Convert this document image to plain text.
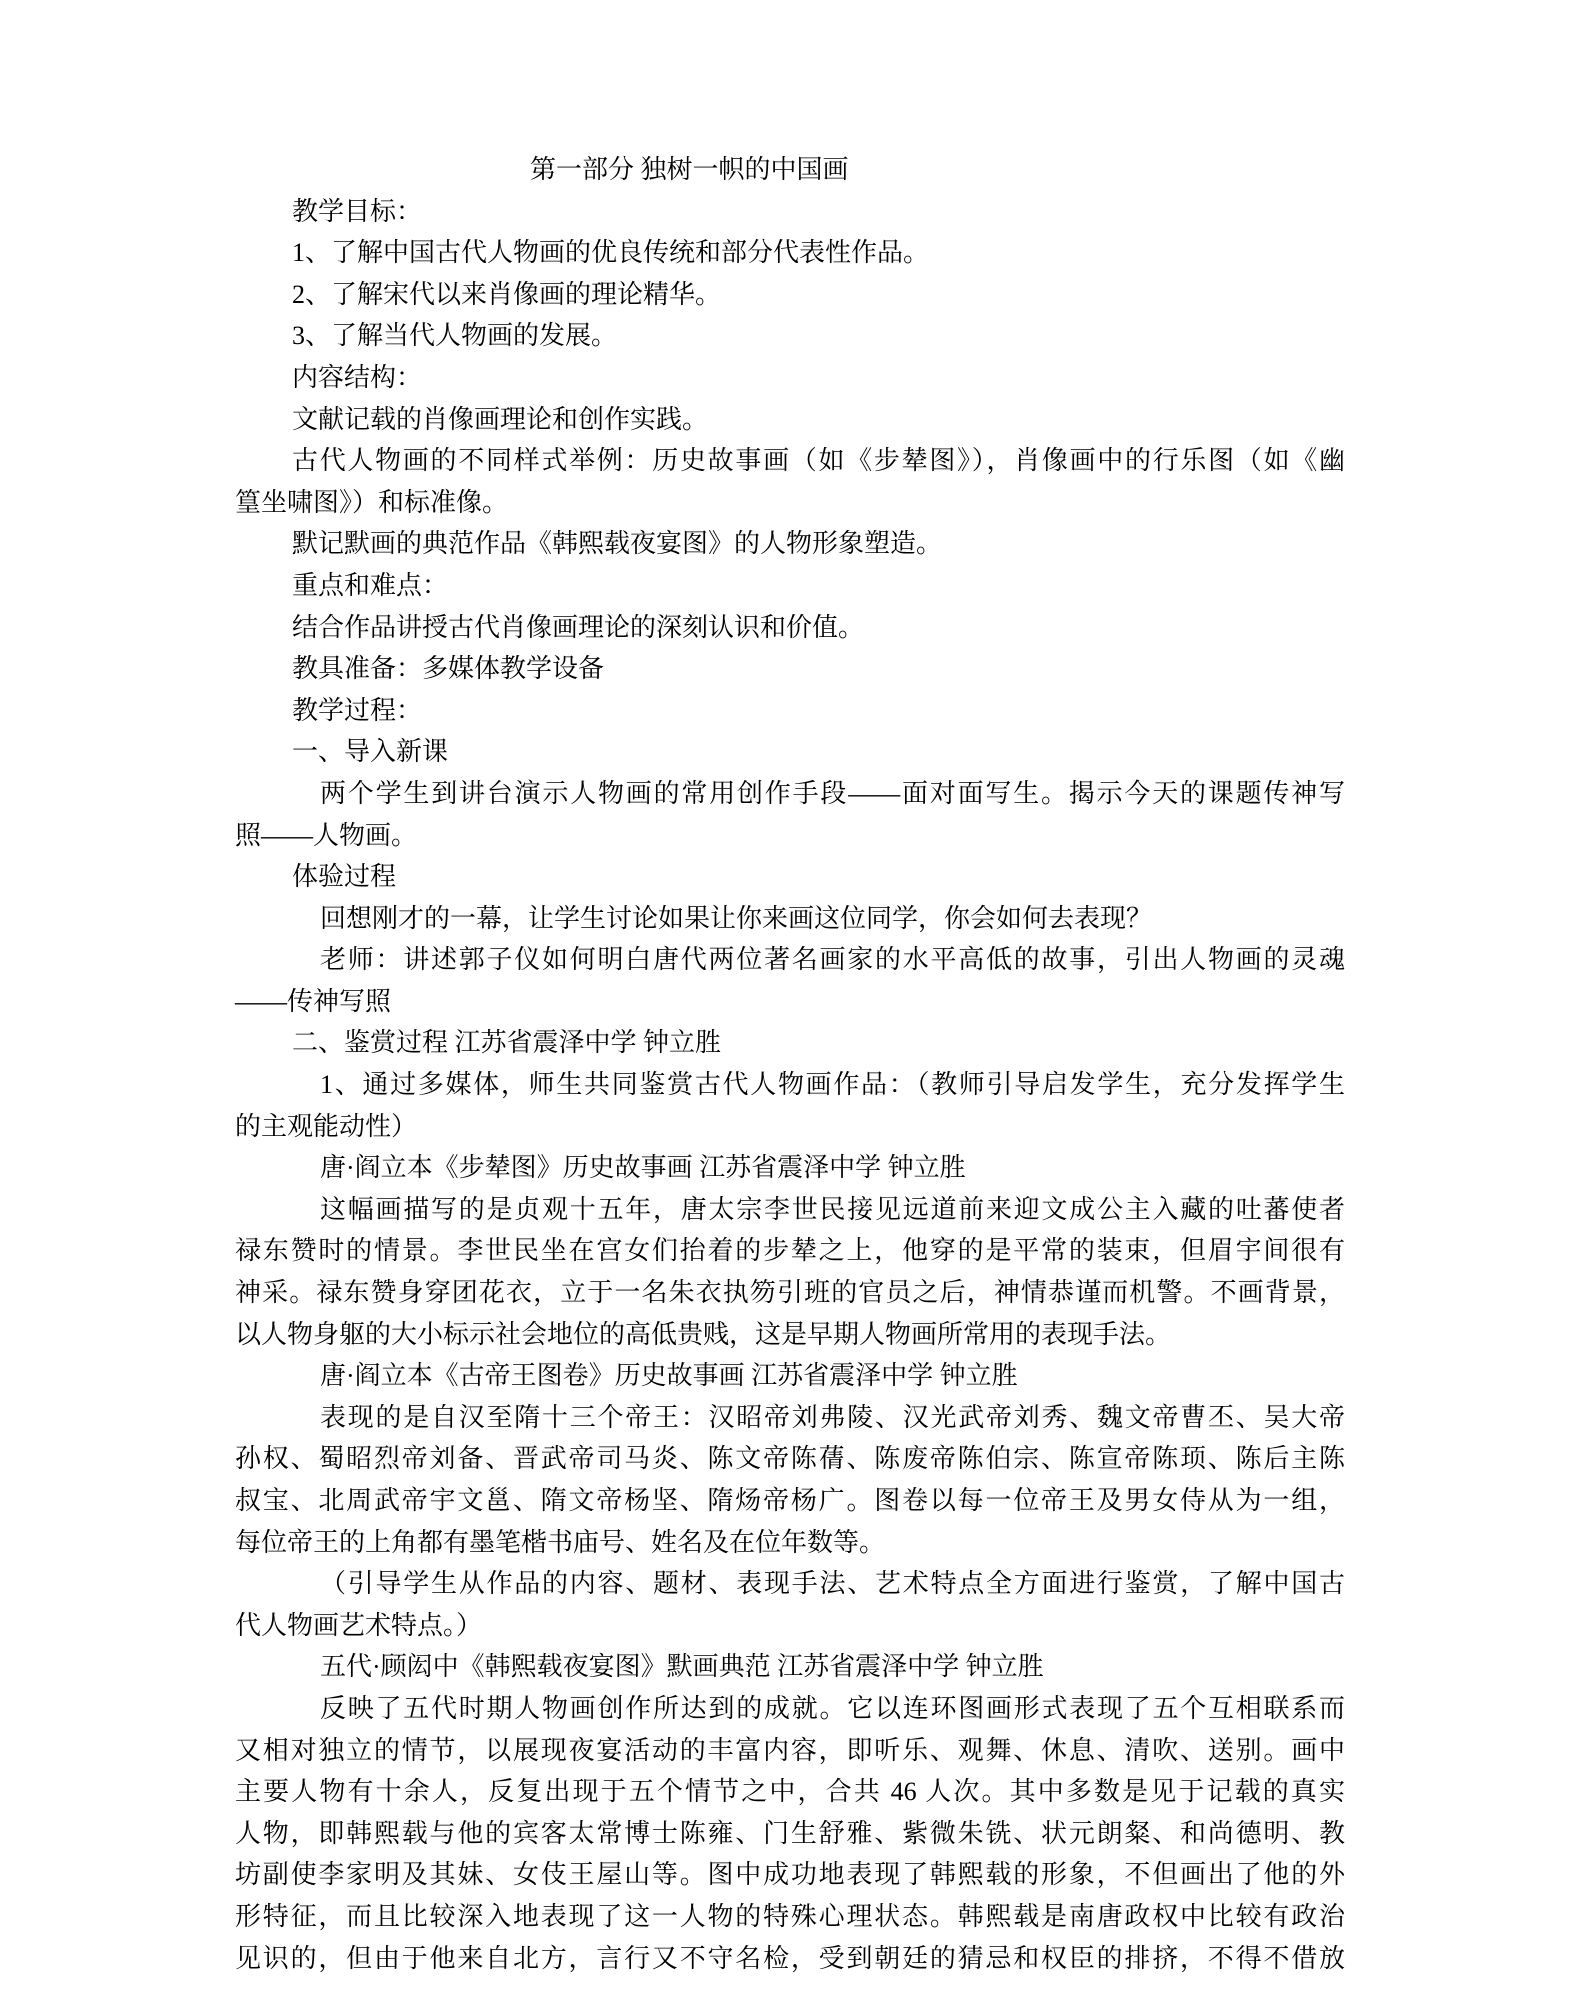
第一部分 独树一帜的中国画
教学目标：
1、了解中国古代人物画的优良传统和部分代表性作品。
2、了解宋代以来肖像画的理论精华。
3、了解当代人物画的发展。
内容结构：
文献记载的肖像画理论和创作实践。
古代人物画的不同样式举例：历史故事画（如《步辇图》），肖像画中的行乐图（如《幽
篁坐啸图》）和标准像。
默记默画的典范作品《韩熙载夜宴图》的人物形象塑造。
重点和难点：
结合作品讲授古代肖像画理论的深刻认识和价值。
教具准备：多媒体教学设备
教学过程：
一、导入新课
两个学生到讲台演示人物画的常用创作手段——面对面写生。揭示今天的课题传神写
照——人物画。
体验过程
回想刚才的一幕，让学生讨论如果让你来画这位同学，你会如何去表现？
老师：讲述郭子仪如何明白唐代两位著名画家的水平高低的故事，引出人物画的灵魂
——传神写照
二、鉴赏过程 江苏省震泽中学 钟立胜
1、通过多媒体，师生共同鉴赏古代人物画作品：（教师引导启发学生，充分发挥学生
的主观能动性）
唐·阎立本《步辇图》历史故事画 江苏省震泽中学 钟立胜
这幅画描写的是贞观十五年，唐太宗李世民接见远道前来迎文成公主入藏的吐蕃使者
禄东赞时的情景。李世民坐在宫女们抬着的步辇之上，他穿的是平常的装束，但眉宇间很有
神采。禄东赞身穿团花衣，立于一名朱衣执笏引班的官员之后，神情恭谨而机警。不画背景，
以人物身躯的大小标示社会地位的高低贵贱，这是早期人物画所常用的表现手法。
唐·阎立本《古帝王图卷》历史故事画 江苏省震泽中学 钟立胜
表现的是自汉至隋十三个帝王：汉昭帝刘弗陵、汉光武帝刘秀、魏文帝曹丕、吴大帝
孙权、蜀昭烈帝刘备、晋武帝司马炎、陈文帝陈蒨、陈废帝陈伯宗、陈宣帝陈顼、陈后主陈
叔宝、北周武帝宇文邕、隋文帝杨坚、隋炀帝杨广。图卷以每一位帝王及男女侍从为一组，
每位帝王的上角都有墨笔楷书庙号、姓名及在位年数等。
（引导学生从作品的内容、题材、表现手法、艺术特点全方面进行鉴赏，了解中国古
代人物画艺术特点。）
五代·顾闳中《韩熙载夜宴图》默画典范 江苏省震泽中学 钟立胜
反映了五代时期人物画创作所达到的成就。它以连环图画形式表现了五个互相联系而
又相对独立的情节，以展现夜宴活动的丰富内容，即听乐、观舞、休息、清吹、送别。画中
主要人物有十余人，反复出现于五个情节之中，合共 46 人次。其中多数是见于记载的真实
人物，即韩熙载与他的宾客太常博士陈雍、门生舒雅、紫微朱铣、状元朗粲、和尚德明、教
坊副使李家明及其妹、女伎王屋山等。图中成功地表现了韩熙载的形象，不但画出了他的外
形特征，而且比较深入地表现了这一人物的特殊心理状态。韩熙载是南唐政权中比较有政治
见识的，但由于他来自北方，言行又不守名检，受到朝廷的猜忌和权臣的排挤，不得不借放
